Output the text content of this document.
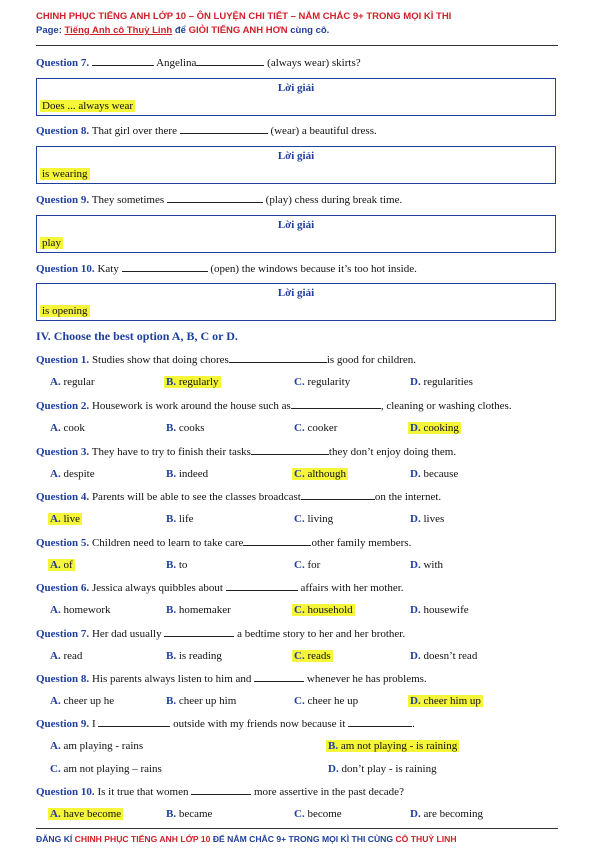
CHINH PHỤC TIẾNG ANH LỚP 10 – ÔN LUYỆN CHI TIẾT – NẮM CHẮC 9+ TRONG MỌI KÌ THI
Page: Tiếng Anh cô Thuỳ Linh để GIỎI TIẾNG ANH HƠN cùng cô.
Question 7.	Angelina	(always wear) skirts?
Lời giải
Does ... always wear
Question 8. That girl over there	(wear) a beautiful dress.
Lời giải
is wearing
Question 9. They sometimes	(play) chess during break time.
Lời giải
play
Question 10. Katy	(open) the windows because it’s too hot inside.
Lời giải
is opening
IV. Choose the best option A, B, C or D.
Question 1. Studies show that doing chores	is good for children.
A. regular	B. regularly	C. regularity	D. regularities
Question 2. Housework is work around the house such as	, cleaning or washing clothes.
A. cook	B. cooks	C. cooker	D. cooking
Question 3. They have to try to finish their tasks	they don’t enjoy doing them.
A. despite	B. indeed	C. although	D. because
Question 4. Parents will be able to see the classes broadcast	on the internet.
A. live	B. life	C. living	D. lives
Question 5. Children need to learn to take care	other family members.
A. of	B. to	C. for	D. with
Question 6. Jessica always quibbles about	affairs with her mother.
A. homework	B. homemaker	C. household	D. housewife
Question 7. Her dad usually	a bedtime story to her and her brother.
A. read	B. is reading	C. reads	D. doesn’t read
Question 8. His parents always listen to him and	whenever he has problems.
A. cheer up he	B. cheer up him	C. cheer he up	D. cheer him up
Question 9. I	outside with my friends now because it	.
A. am playing - rains	B. am not playing - is raining
C. am not playing – rains	D. don’t play - is raining
Question 10. Is it true that women	more assertive in the past decade?
A. have become	B. became	C. become	D. are becoming
ĐĂNG KÍ CHINH PHỤC TIẾNG ANH LỚP 10 ĐỂ NẮM CHẮC 9+ TRONG MỌI KÌ THI CÙNG CÔ THUỲ LINH
